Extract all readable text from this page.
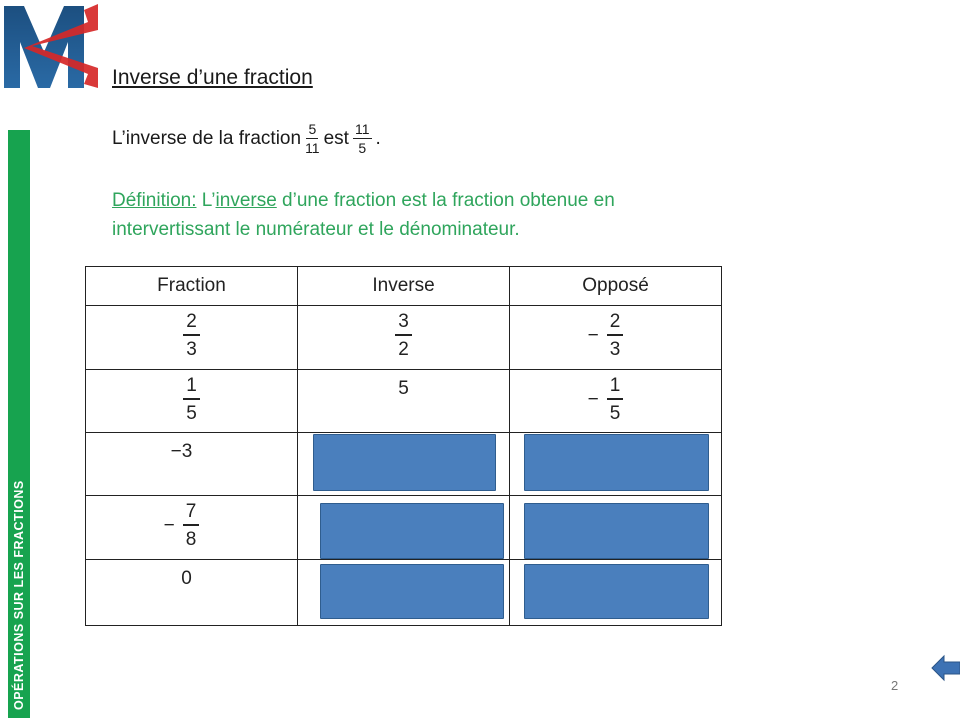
Inverse d’une fraction
L’inverse de la fraction $\frac{5}{11}$ est $\frac{11}{5}$ .
Définition: L’inverse d’une fraction est la fraction obtenue en intervertissant le numérateur et le dénominateur.
OPÉRATIONS SUR LES FRACTIONS
Fraction	Inverse	Opposé

$\frac{2}{3}$	$\frac{3}{2}$	− $\frac{2}{3}$

$\frac{1}{5}$	5	− $\frac{1}{5}$

−3		

− $\frac{7}{8}$

0		
2
